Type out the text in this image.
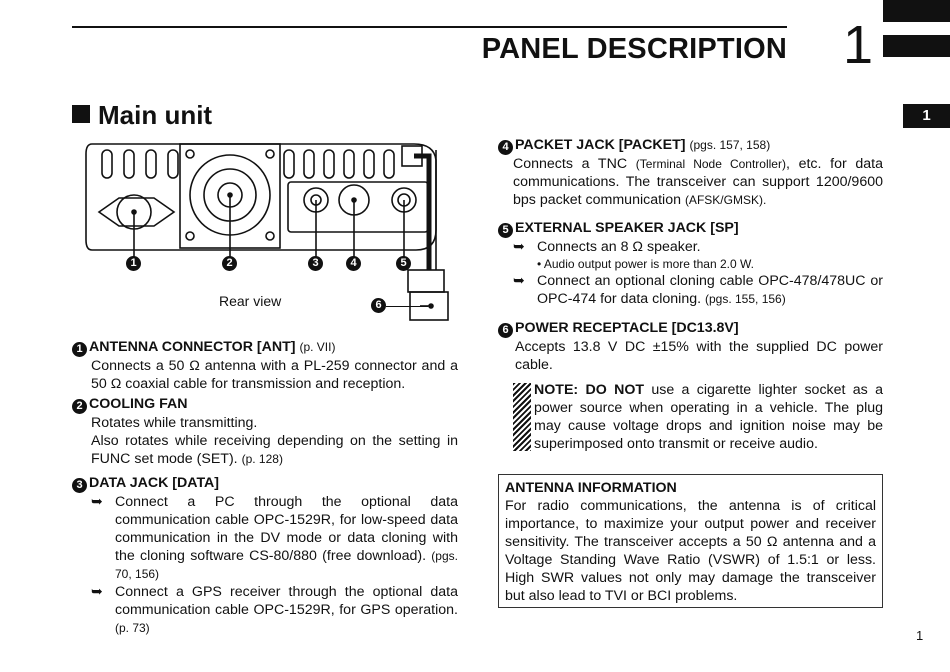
PANEL DESCRIPTION 1
1
Main unit
1	2	3	4	5
6
Rear view
1 ANTENNA CONNECTOR [ANT] (p. VII)
Connects a 50 Ω antenna with a PL-259 connector and a 50 Ω coaxial cable for transmission and reception.
2 COOLING FAN
Rotates while transmitting.
Also rotates while receiving depending on the setting in FUNC set mode (SET). (p. 128)
3 DATA JACK [DATA]
➥ Connect a PC through the optional data communication cable OPC-1529R, for low-speed data communication in the DV mode or data cloning with the cloning software CS-80/880 (free download). (pgs. 70, 156)
➥ Connect a GPS receiver through the optional data communication cable OPC-1529R, for GPS operation. (p. 73)
4 PACKET JACK [PACKET] (pgs. 157, 158)
Connects a TNC (Terminal Node Controller), etc. for data communications. The transceiver can support 1200/9600 bps packet communication (AFSK/GMSK).
5 EXTERNAL SPEAKER JACK [SP]
➥ Connects an 8 Ω speaker.
• Audio output power is more than 2.0 W.
➥ Connect an optional cloning cable OPC-478/478UC or OPC-474 for data cloning. (pgs. 155, 156)
6 POWER RECEPTACLE [DC13.8V]
Accepts 13.8 V DC ±15% with the supplied DC power cable.
NOTE: DO NOT use a cigarette lighter socket as a power source when operating in a vehicle. The plug may cause voltage drops and ignition noise may be superimposed onto transmit or receive audio.
ANTENNA INFORMATION
For radio communications, the antenna is of critical importance, to maximize your output power and receiver sensitivity. The transceiver accepts a 50 Ω antenna and a Voltage Standing Wave Ratio (VSWR) of 1.5:1 or less. High SWR values not only may damage the transceiver but also lead to TVI or BCI problems.
1
